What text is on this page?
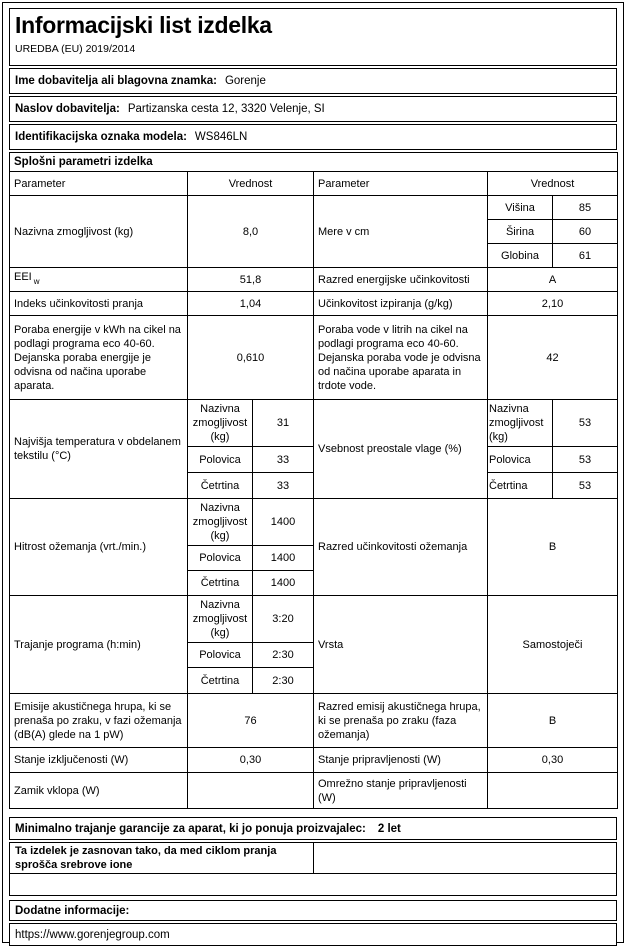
Informacijski list izdelka
UREDBA (EU) 2019/2014
Ime dobavitelja ali blagovna znamka: Gorenje
Naslov dobavitelja: Partizanska cesta 12, 3320 Velenje, SI
Identifikacijska oznaka modela: WS846LN
Splošni parametri izdelka					
Parameter	Vrednost		Parameter	Vrednost	
Nazivna zmogljivost (kg)	8,0		Mere v cm	Višina	85
				Širina	60
				Globina	61
EEI $_w$	51,8		Razred energijske učinkovitosti	A	
Indeks učinkovitosti pranja	1,04		Učinkovitost izpiranja (g/kg)	2,10	
Poraba energije v kWh na cikel na podlagi programa eco 40-60. Dejanska poraba energije je odvisna od načina uporabe aparata.	0,610		Poraba vode v litrih na cikel na podlagi programa eco 40-60. Dejanska poraba vode je odvisna od načina uporabe aparata in trdote vode.	42	
Najvišja temperatura v obdelanem tekstilu (°C)	Nazivna zmogljivost (kg)	31	Vsebnost preostale vlage (%)	Nazivna zmogljivost (kg)	53
	Polovica	33		Polovica	53
	Četrtina	33		Četrtina	53
Hitrost ožemanja (vrt./min.)	Nazivna zmogljivost (kg)	1400	Razred učinkovitosti ožemanja	B	
	Polovica	1400			
	Četrtina	1400			
Trajanje programa (h:min)	Nazivna zmogljivost (kg)	3:20	Vrsta	Samostoječi	
	Polovica	2:30			
	Četrtina	2:30			
Emisije akustičnega hrupa, ki se prenaša po zraku, v fazi ožemanja (dB(A) glede na 1 pW)	76		Razred emisij akustičnega hrupa, ki se prenaša po zraku (faza ožemanja)	B	
Stanje izključenosti (W)	0,30		Stanje pripravljenosti (W)	0,30	
Zamik vklopa (W)			Omrežno stanje pripravljenosti (W)		
Minimalno trajanje garancije za aparat, ki jo ponuja proizvajalec: 2 let
Ta izdelek je zasnovan tako, da med ciklom pranja sprošča srebrove ione
Dodatne informacije:
https://www.gorenjegroup.com
